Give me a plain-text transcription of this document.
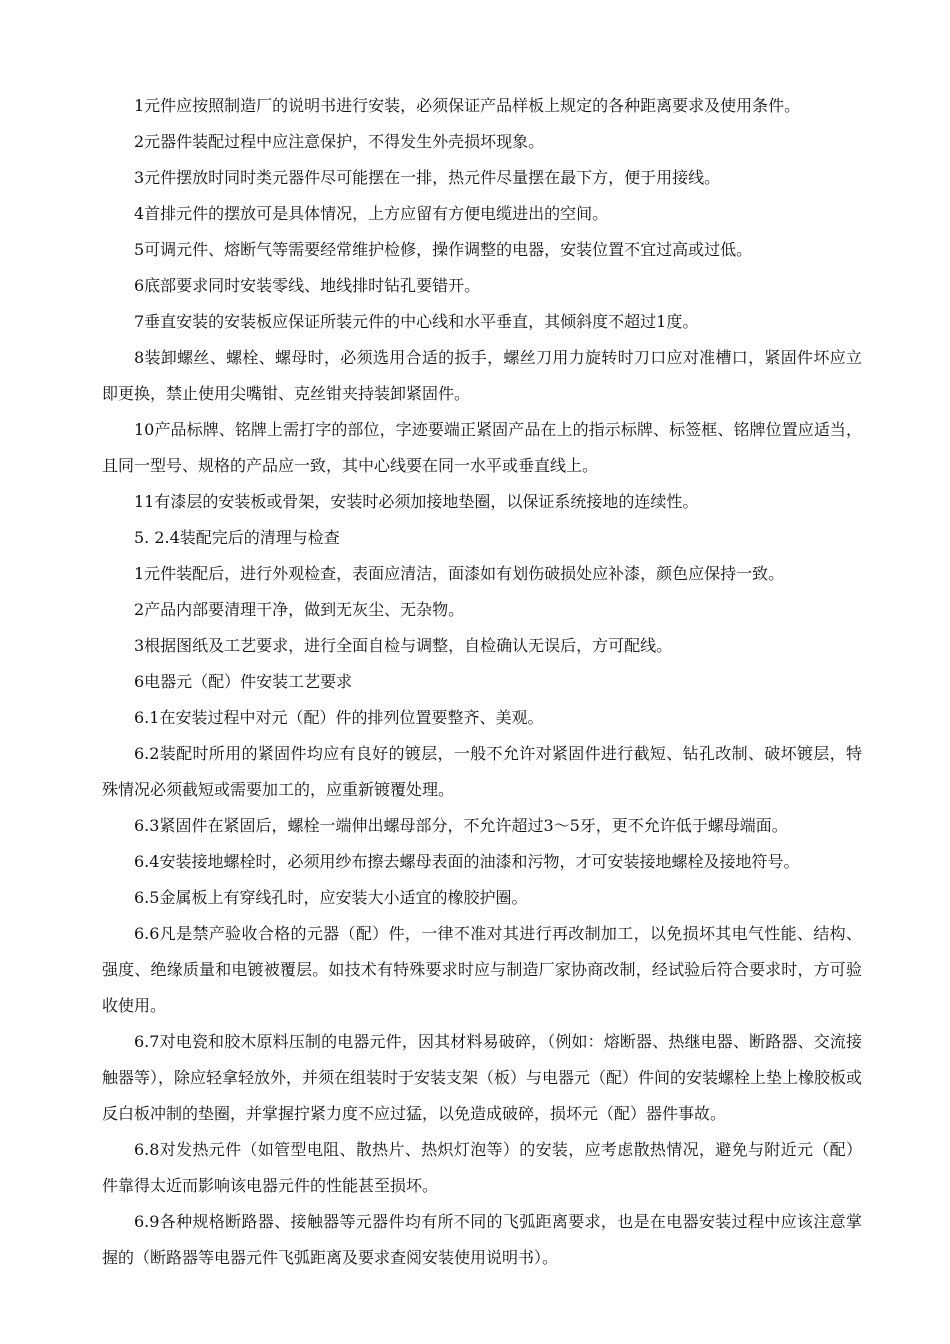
1元件应按照制造厂的说明书进行安装，必须保证产品样板上规定的各种距离要求及使用条件。

2元器件装配过程中应注意保护，不得发生外壳损坏现象。

3元件摆放时同时类元器件尽可能摆在一排，热元件尽量摆在最下方，便于用接线。

4首排元件的摆放可是具体情况，上方应留有方便电缆进出的空间。

5可调元件、熔断气等需要经常维护检修，操作调整的电器，安装位置不宜过高或过低。

6底部要求同时安装零线、地线排时钻孔要错开。

7垂直安装的安装板应保证所装元件的中心线和水平垂直，其倾斜度不超过1度。

8装卸螺丝、螺栓、螺母时，必须选用合适的扳手，螺丝刀用力旋转时刀口应对准槽口，紧固件坏应立即更换，禁止使用尖嘴钳、克丝钳夹持装卸紧固件。

10产品标牌、铭牌上需打字的部位，字迹要端正紧固产品在上的指示标牌、标签框、铭牌位置应适当，且同一型号、规格的产品应一致，其中心线要在同一水平或垂直线上。

11有漆层的安装板或骨架，安装时必须加接地垫圈，以保证系统接地的连续性。

5. 2.4装配完后的清理与检查

1元件装配后，进行外观检查，表面应清洁，面漆如有划伤破损处应补漆，颜色应保持一致。

2产品内部要清理干净，做到无灰尘、无杂物。

3根据图纸及工艺要求，进行全面自检与调整，自检确认无误后，方可配线。

6电器元（配）件安装工艺要求

6.1在安装过程中对元（配）件的排列位置要整齐、美观。

6.2装配时所用的紧固件均应有良好的镀层，一般不允许对紧固件进行截短、钻孔改制、破坏镀层，特殊情况必须截短或需要加工的，应重新镀覆处理。

6.3紧固件在紧固后，螺栓一端伸出螺母部分，不允许超过3～5牙，更不允许低于螺母端面。

6.4安装接地螺栓时，必须用纱布擦去螺母表面的油漆和污物，才可安装接地螺栓及接地符号。

6.5金属板上有穿线孔时，应安装大小适宜的橡胶护圈。

6.6凡是禁产验收合格的元器（配）件，一律不准对其进行再改制加工，以免损坏其电气性能、结构、强度、绝缘质量和电镀被覆层。如技术有特殊要求时应与制造厂家协商改制，经试验后符合要求时，方可验收使用。

6.7对电瓷和胶木原料压制的电器元件，因其材料易破碎，（例如：熔断器、热继电器、断路器、交流接触器等），除应轻拿轻放外，并须在组装时于安装支架（板）与电器元（配）件间的安装螺栓上垫上橡胶板或反白板冲制的垫圈，并掌握拧紧力度不应过猛，以免造成破碎，损坏元（配）器件事故。

6.8对发热元件（如管型电阻、散热片、热炽灯泡等）的安装，应考虑散热情况，避免与附近元（配）件靠得太近而影响该电器元件的性能甚至损坏。

6.9各种规格断路器、接触器等元器件均有所不同的飞弧距离要求，也是在电器安装过程中应该注意掌握的（断路器等电器元件飞弧距离及要求查阅安装使用说明书）。
